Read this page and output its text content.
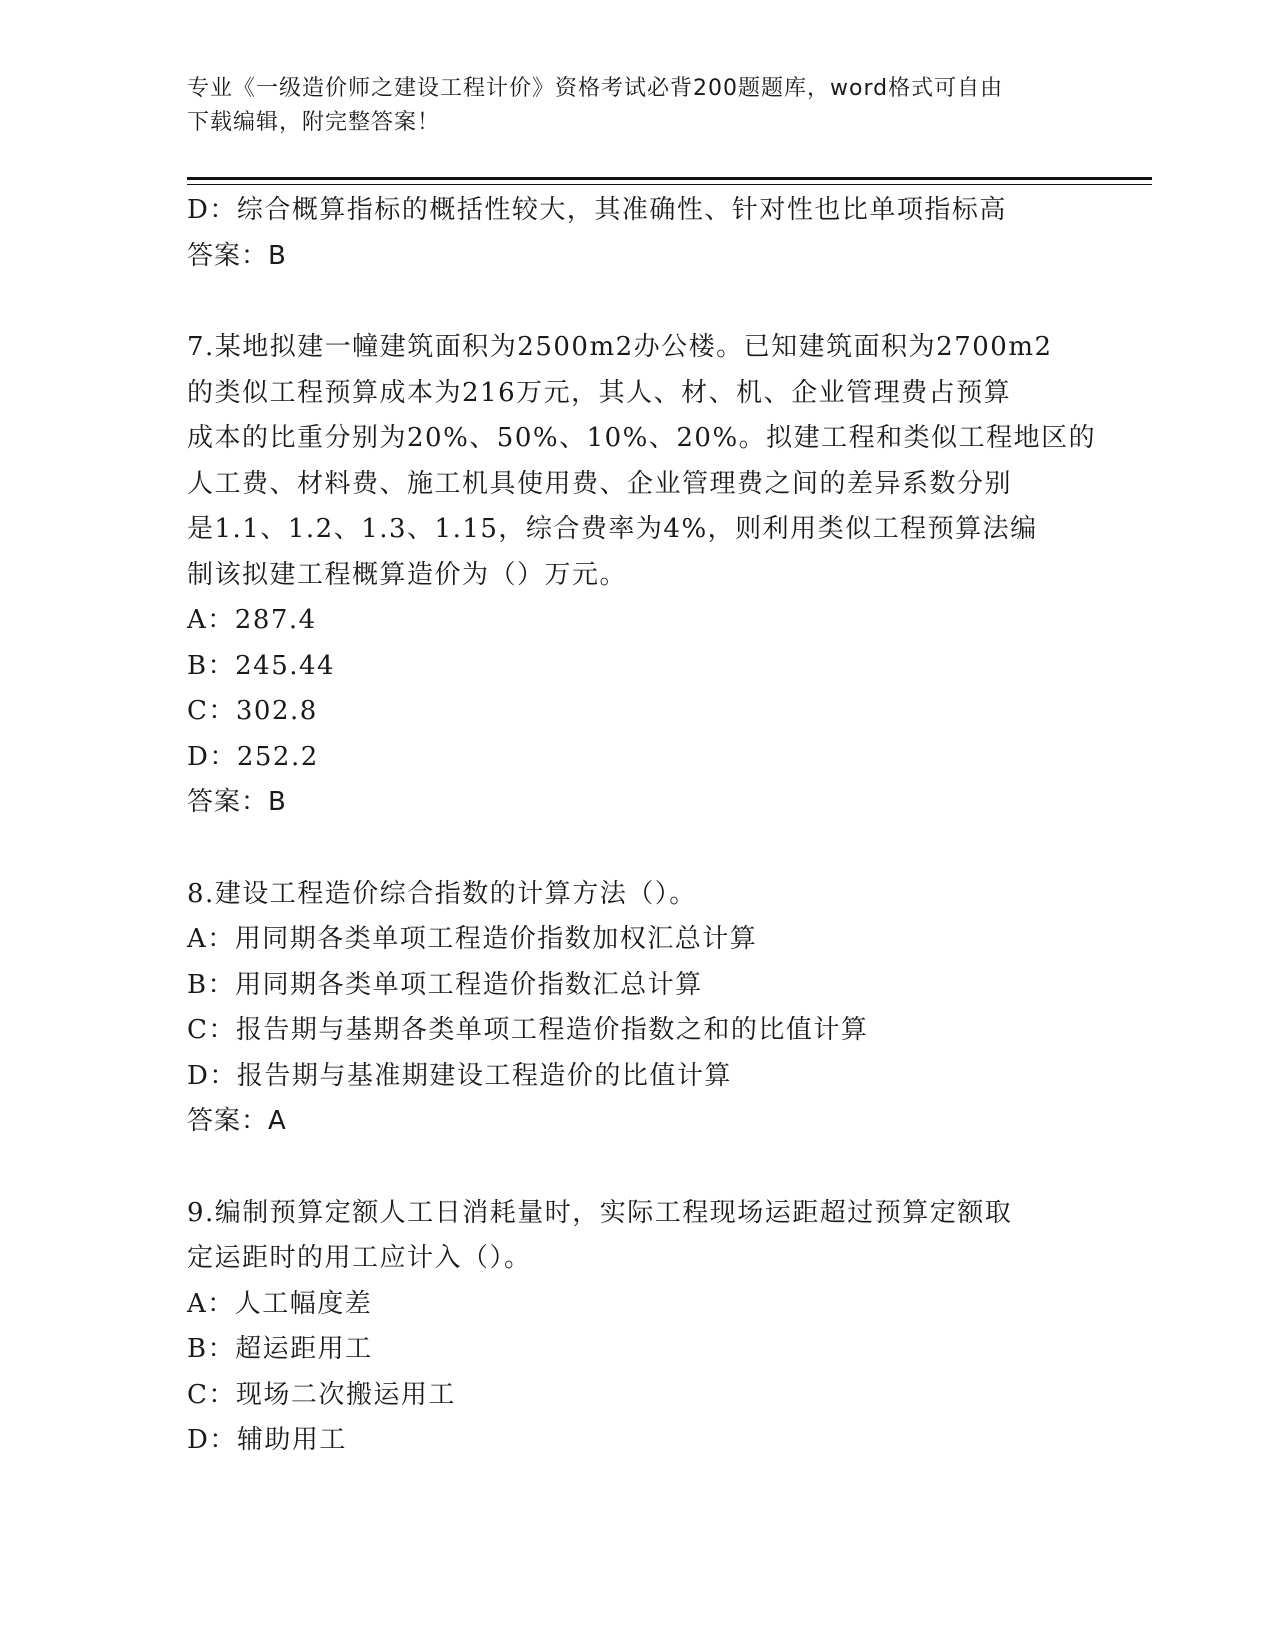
专业《一级造价师之建设工程计价》资格考试必背200题题库，word格式可自由
下载编辑，附完整答案！
D：综合概算指标的概括性较大，其准确性、针对性也比单项指标高
答案：B
7.某地拟建一幢建筑面积为2500m2办公楼。已知建筑面积为2700m2
的类似工程预算成本为216万元，其人、材、机、企业管理费占预算
成本的比重分别为20%、50%、10%、20%。拟建工程和类似工程地区的
人工费、材料费、施工机具使用费、企业管理费之间的差异系数分别
是1.1、1.2、1.3、1.15，综合费率为4%，则利用类似工程预算法编
制该拟建工程概算造价为（）万元。
A：287.4
B：245.44
C：302.8
D：252.2
答案：B
8.建设工程造价综合指数的计算方法（）。
A：用同期各类单项工程造价指数加权汇总计算
B：用同期各类单项工程造价指数汇总计算
C：报告期与基期各类单项工程造价指数之和的比值计算
D：报告期与基准期建设工程造价的比值计算
答案：A
9.编制预算定额人工日消耗量时，实际工程现场运距超过预算定额取
定运距时的用工应计入（）。
A：人工幅度差
B：超运距用工
C：现场二次搬运用工
D：辅助用工
